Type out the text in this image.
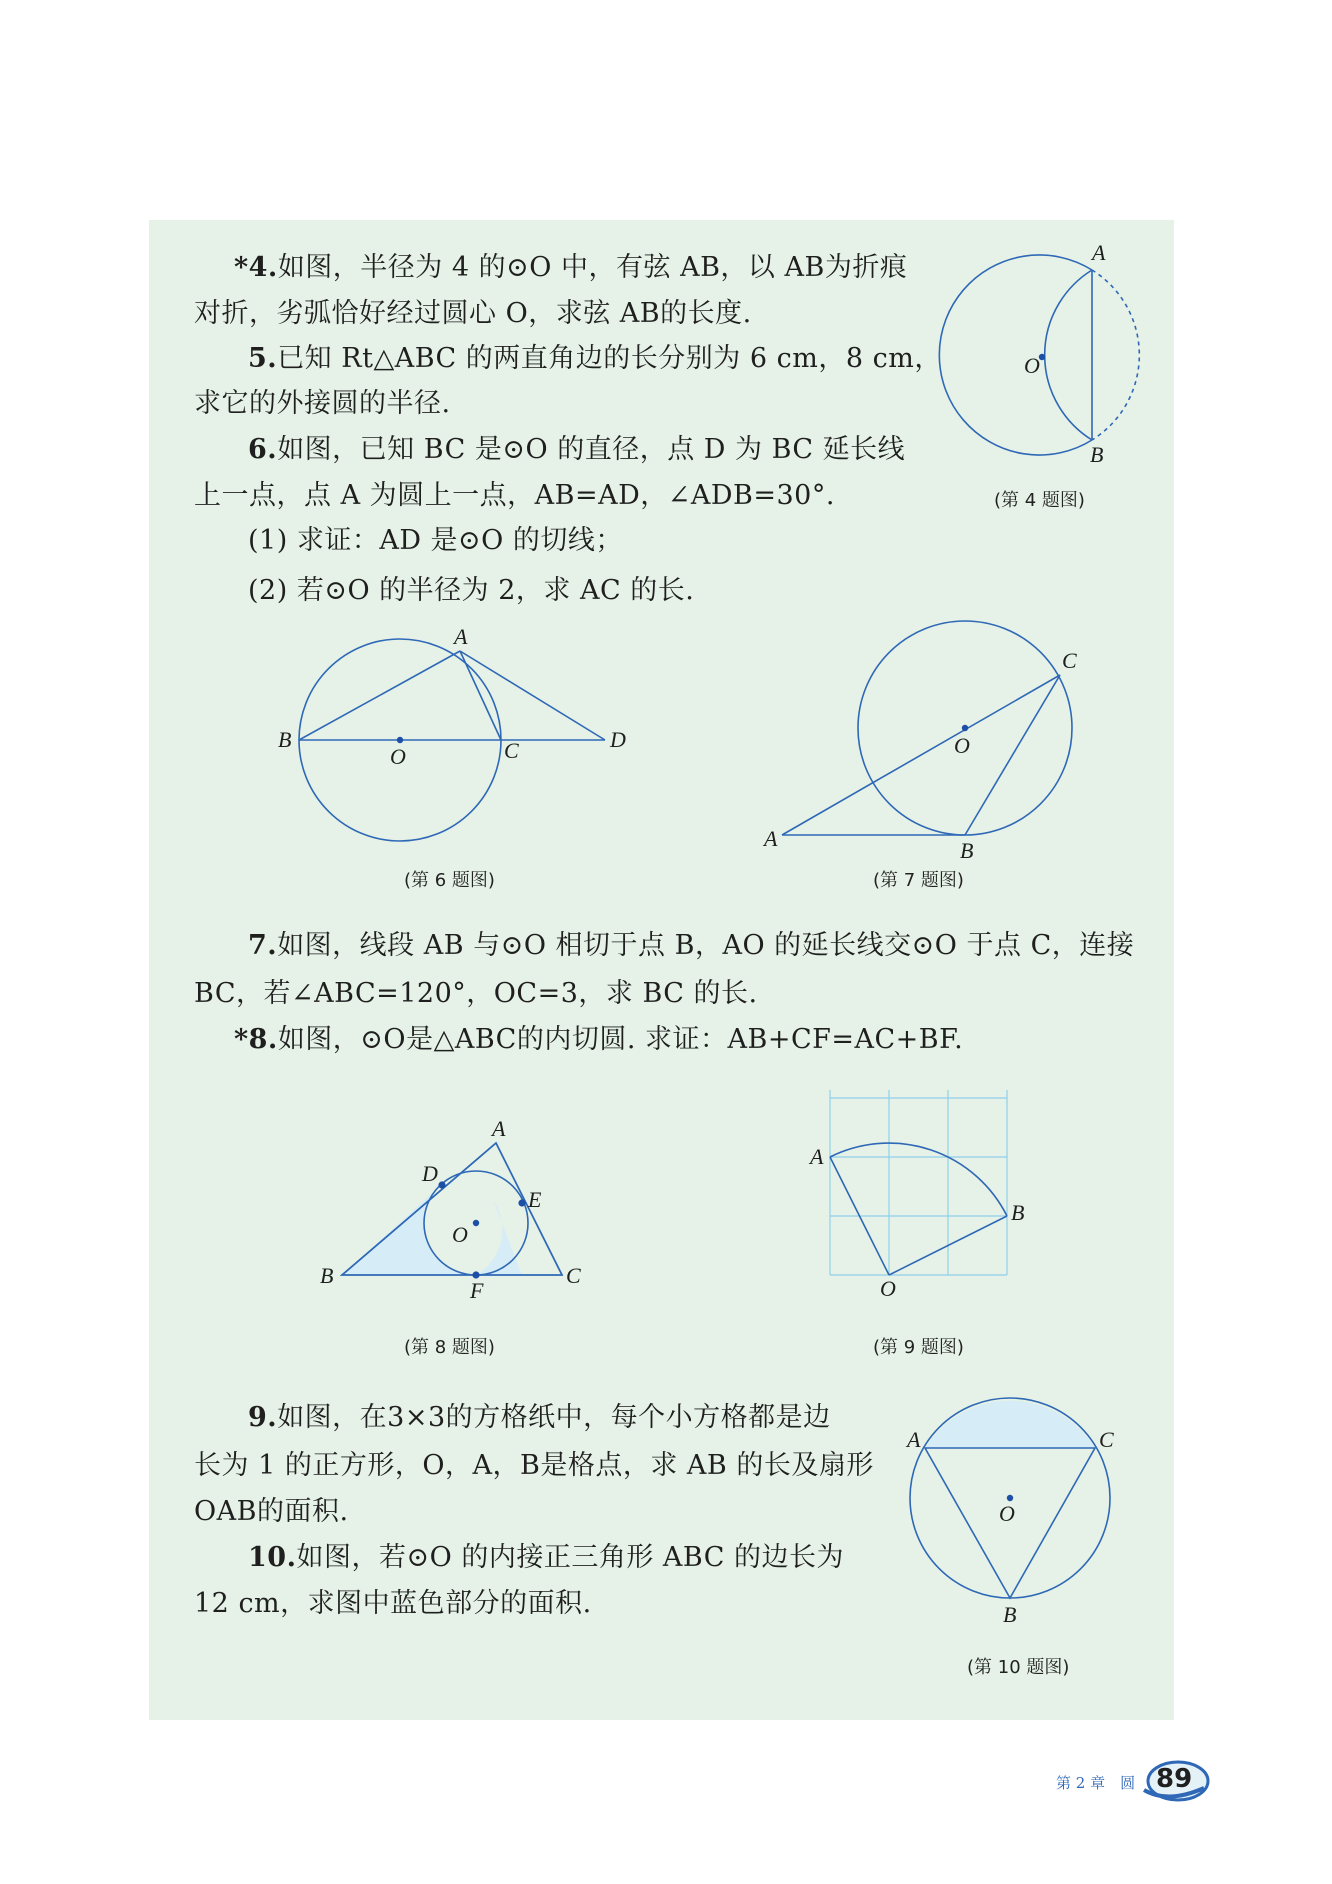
*4.如图，半径为 4 的⊙O 中，有弦 AB，以 AB为折痕
对折，劣弧恰好经过圆心 O，求弦 AB的长度.
5.已知 Rt△ABC 的两直角边的长分别为 6 cm，8 cm，
求它的外接圆的半径.
6.如图，已知 BC 是⊙O 的直径，点 D 为 BC 延长线
上一点，点 A 为圆上一点，AB=AD，∠ADB=30°.
(1) 求证：AD 是⊙O 的切线；
(2) 若⊙O 的半径为 2，求 AC 的长.
A
B
O
(第 4 题图)
A
B	C	D
O
(第 6 题图)
A	B
C
O
(第 7 题图)
7.如图，线段 AB 与⊙O 相切于点 B，AO 的延长线交⊙O 于点 C，连接
BC，若∠ABC=120°，OC=3，求 BC 的长.
*8.如图，⊙O是△ABC的内切圆. 求证：AB+CF=AC+BF.
A
B	C
D
E
F
O
(第 8 题图)
A
B
O
(第 9 题图)
9.如图，在3×3的方格纸中，每个小方格都是边
长为 1 的正方形，O，A，B是格点，求 AB 的长及扇形
OAB的面积.
10.如图，若⊙O 的内接正三角形 ABC 的边长为
12 cm，求图中蓝色部分的面积.
A
B
C
O
(第 10 题图)
第 2 章　圆 89
